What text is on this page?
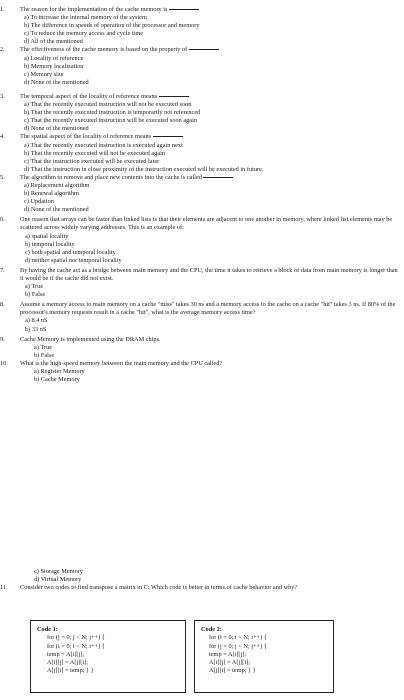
1. The reason for the implementation of the cache memory is
a) To increase the internal memory of the system
b) The difference in speeds of operation of the processor and memory
c) To reduce the memory access and cycle time
d) All of the mentioned
2. The effectiveness of the cache memory is based on the property of
a) Locality of reference
b) Memory localization
c) Memory size
d) None of the mentioned
3. The temporal aspect of the locality of reference means
a) That the recently executed instruction will not be executed soon
b) That the recently executed instruction is temporarily not referenced
c) That the recently executed instruction will be executed soon again
d) None of the mentioned
4. The spatial aspect of the locality of reference means
a) That the recently executed instruction is executed again next
b) That the recently executed will not be executed again
c) That the instruction executed will be executed later
d) That the instruction in close proximity of the instruction executed will be executed in future.
5. The algorithm to remove and place new contents into the cache is called
a) Replacement algorithm
b) Renewal algorithm
c) Updation
d) None of the mentioned
6. One reason that arrays can be faster than linked lists is that their elements are adjacent to one another in memory, where linked list elements may be scattered across widely varying addresses. This is an example of:
a) spatial locality
b) temporal locality
c) both spatial and temporal locality
d) neither spatial nor temporal locality
7. By having the cache act as a bridge between main memory and the CPU, the time it takes to retrieve a block of data from main memory is longer than it would be if the cache did not exist.
a) True
b) False
8. Assume a memory access to main memory on a cache "miss" takes 30 ns and a memory access to the cache on a cache "hit" takes 3 ns. If 80% of the processor's memory requests result in a cache "hit", what is the average memory access time?
a) 8.4 nS
b) 33 nS
9. Cache Memory is implemented using the DRAM chips.
a) True
b) False
10. What is the high-speed memory between the main memory and the CPU called?
a) Register Memory
b) Cache Memory
c) Storage Memory
d) Virtual Memory
11. Consider two codes to find transpose a matrix in C: Which code is better in terms of cache behavior and why?
Code 1:
for (j = 0; j < N; j++) {
for (i = 0; i < N; i++) {
temp = A[i][j];
A[i][j] = A[j][i];
A[j][i] = temp; } }
Code 2:
for (i = 0; i < N; i++) {
for (j = 0; j < N; j++) {
temp = A[i][j];
A[i][j] = A[j][i];
A[j][i] = temp; } }
